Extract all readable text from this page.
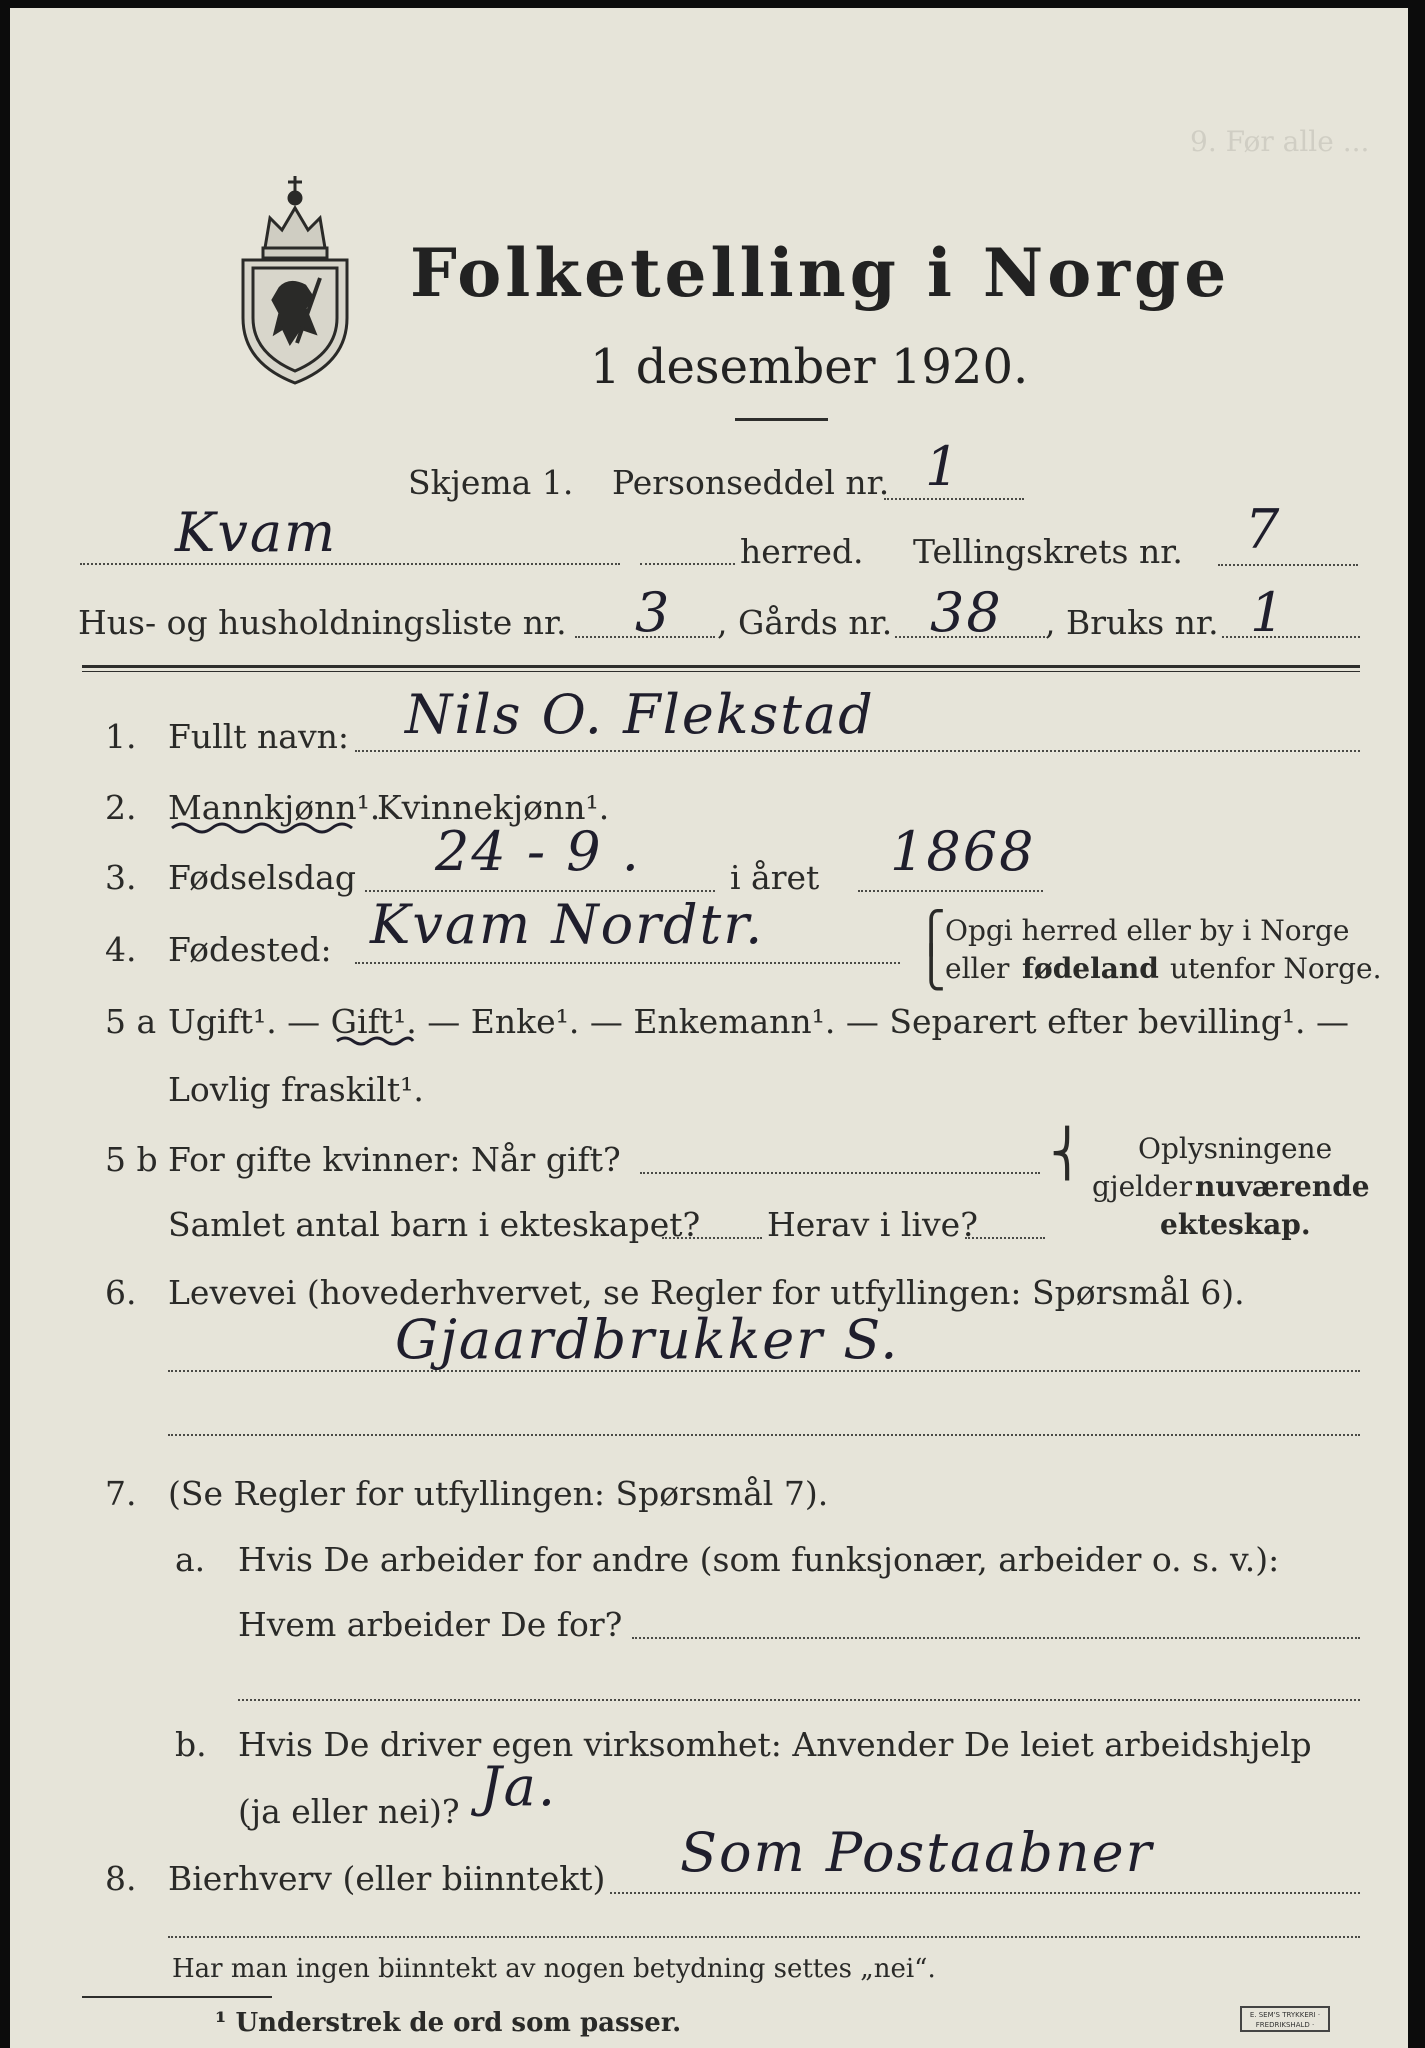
9. Før alle ...
Folketelling i Norge
1 desember 1920.
Skjema 1. Personseddel nr. 1
Kvam	herred. Tellingskrets nr. 7
Hus- og husholdningsliste nr. 3 , Gårds nr. 38 , Bruks nr. 1
1. Fullt navn: Nils O. Flekstad
2. Mannkjønn¹.
Kvinnekjønn¹.
3. Fødselsdag 24 - 9 .	i året 1868
4. Fødested: Kvam Nordtr.	⎧
⎩
Opgi herred eller by i Norge
eller fødeland utenfor Norge.
5 a Ugift¹. — Gift¹. — Enke¹. — Enkemann¹. — Separert efter bevilling¹. —
Lovlig fraskilt¹.
5 b For gifte kvinner: Når gift?
Samlet antal barn i ekteskapet? Herav i live?
⎨ Oplysningene
gjelder nuværende
ekteskap.
6. Levevei (hovederhvervet, se Regler for utfyllingen: Spørsmål 6).
Gjaardbrukker S.
7. (Se Regler for utfyllingen: Spørsmål 7).
a. Hvis De arbeider for andre (som funksjonær, arbeider o. s. v.):
Hvem arbeider De for?
b. Hvis De driver egen virksomhet: Anvender De leiet arbeidshjelp
(ja eller nei)? Ja.
8. Bierhverv (eller biinntekt) Som Postaabner
Har man ingen biinntekt av nogen betydning settes „nei“.
¹ Understrek de ord som passer.	E. SEM'S TRYKKERI · FREDRIKSHALD ·
